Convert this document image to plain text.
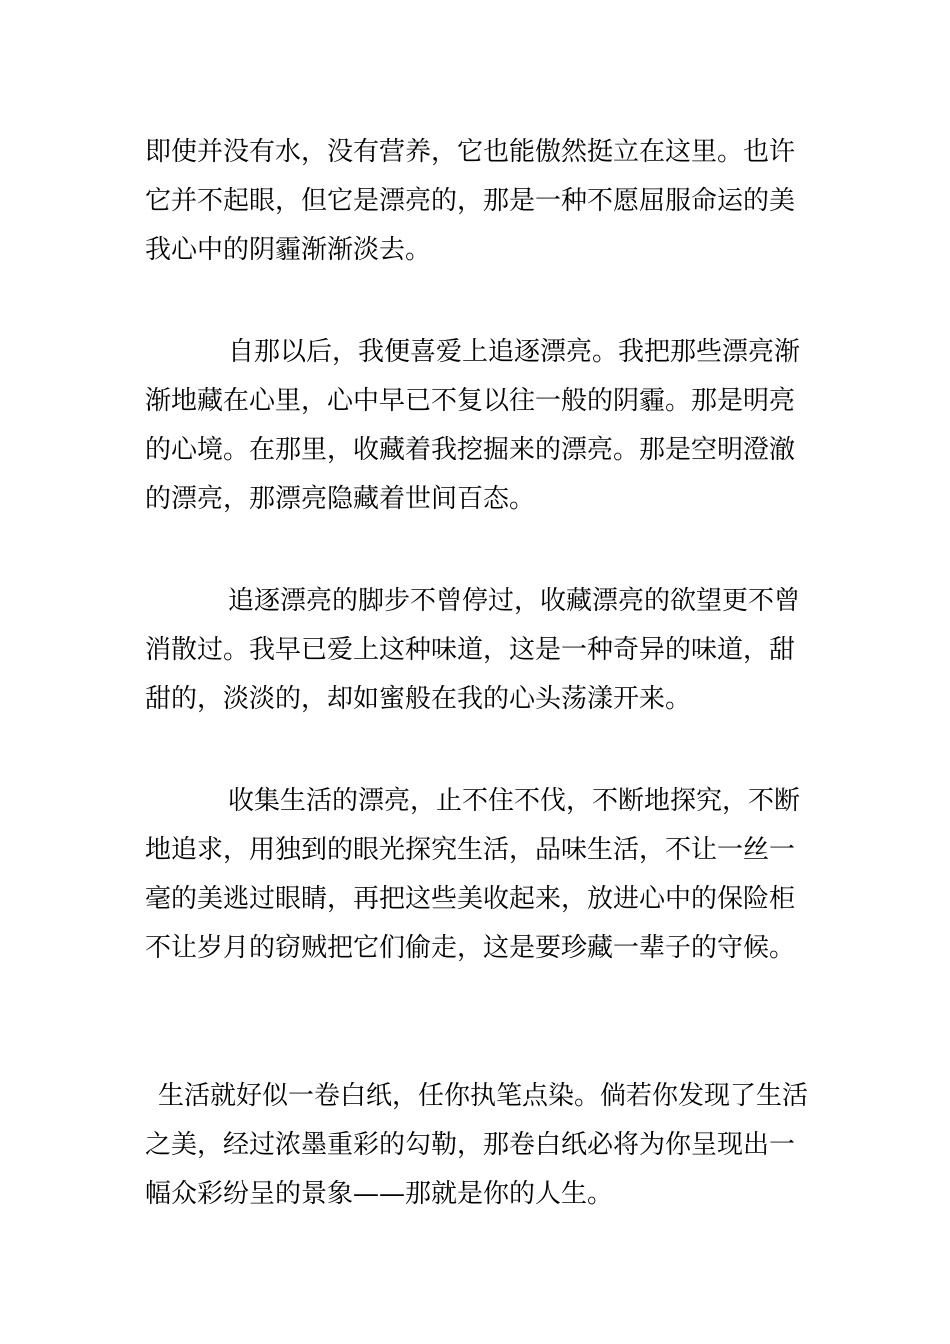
即使并没有水，没有营养，它也能傲然挺立在这里。也许
它并不起眼，但它是漂亮的，那是一种不愿屈服命运的美
我心中的阴霾渐渐淡去。
自那以后，我便喜爱上追逐漂亮。我把那些漂亮渐
渐地藏在心里，心中早已不复以往一般的阴霾。那是明亮
的心境。在那里，收藏着我挖掘来的漂亮。那是空明澄澈
的漂亮，那漂亮隐藏着世间百态。
追逐漂亮的脚步不曾停过，收藏漂亮的欲望更不曾
消散过。我早已爱上这种味道，这是一种奇异的味道，甜
甜的，淡淡的，却如蜜般在我的心头荡漾开来。
收集生活的漂亮，止不住不伐，不断地探究，不断
地追求，用独到的眼光探究生活，品味生活，不让一丝一
毫的美逃过眼睛，再把这些美收起来，放进心中的保险柜
不让岁月的窃贼把它们偷走，这是要珍藏一辈子的守候。
生活就好似一卷白纸，任你执笔点染。倘若你发现了生活
之美，经过浓墨重彩的勾勒，那卷白纸必将为你呈现出一
幅众彩纷呈的景象——那就是你的人生。
